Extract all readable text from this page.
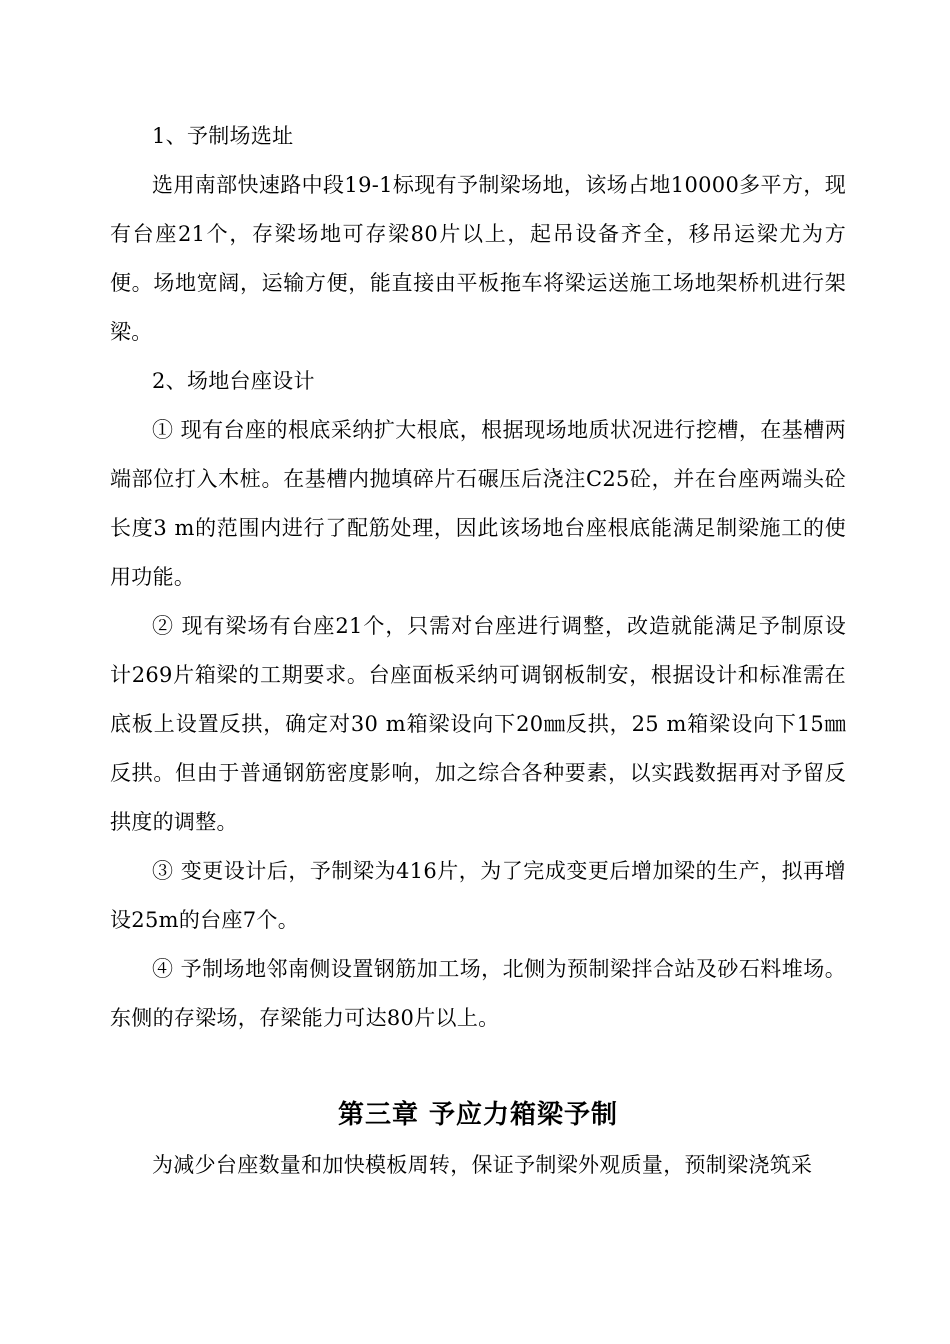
1、予制场选址

选用南部快速路中段19-1标现有予制梁场地，该场占地10000多平方，现有台座21个，存梁场地可存梁80片以上，起吊设备齐全，移吊运梁尤为方便。场地宽阔，运输方便，能直接由平板拖车将梁运送施工场地架桥机进行架梁。

2、场地台座设计

① 现有台座的根底采纳扩大根底，根据现场地质状况进行挖槽，在基槽两端部位打入木桩。在基槽内抛填碎片石碾压后浇注C25砼，并在台座两端头砼长度3 m的范围内进行了配筋处理，因此该场地台座根底能满足制梁施工的使用功能。

② 现有梁场有台座21个，只需对台座进行调整，改造就能满足予制原设计269片箱梁的工期要求。台座面板采纳可调钢板制安，根据设计和标准需在底板上设置反拱，确定对30 m箱梁设向下20㎜反拱，25 m箱梁设向下15㎜反拱。但由于普通钢筋密度影响，加之综合各种要素，以实践数据再对予留反拱度的调整。

③ 变更设计后，予制梁为416片，为了完成变更后增加梁的生产，拟再增设25m的台座7个。

④ 予制场地邻南侧设置钢筋加工场，北侧为预制梁拌合站及砂石料堆场。东侧的存梁场，存梁能力可达80片以上。

第三章 予应力箱梁予制

为减少台座数量和加快模板周转，保证予制梁外观质量，预制梁浇筑采
